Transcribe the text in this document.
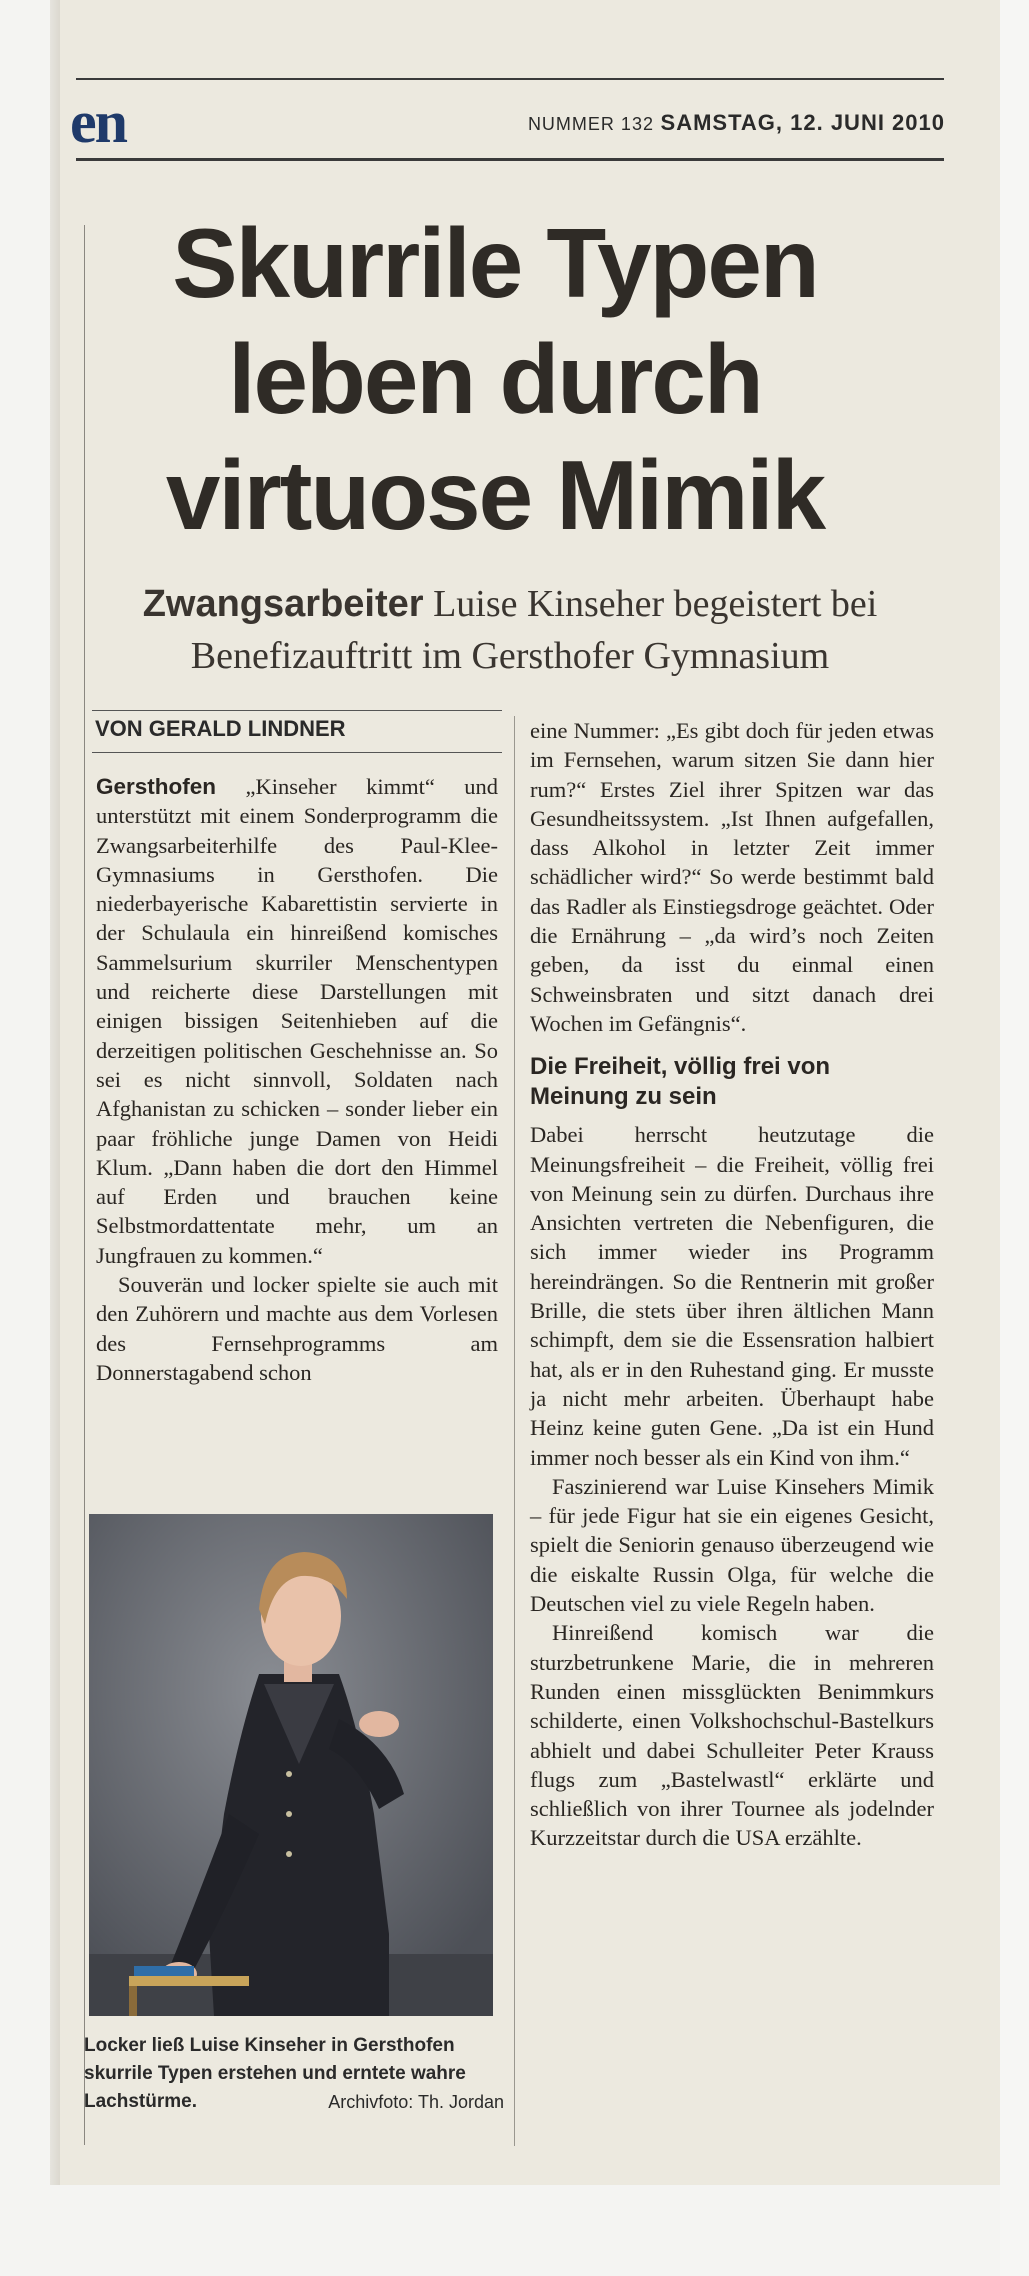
en	NUMMER 132 SAMSTAG, 12. JUNI 2010
Skurrile Typen
leben durch
virtuose Mimik
Zwangsarbeiter Luise Kinseher begeistert bei Benefizauftritt im Gersthofer Gymnasium
VON GERALD LINDNER

Gersthofen „Kinseher kimmt“ und unterstützt mit einem Sonderprogramm die Zwangsarbeiterhilfe des Paul-Klee-Gymnasiums in Gersthofen. Die niederbayerische Kabarettistin servierte in der Schulaula ein hinreißend komisches Sammelsurium skurriler Menschentypen und reicherte diese Darstellungen mit einigen bissigen Seitenhieben auf die derzeitigen politischen Geschehnisse an. So sei es nicht sinnvoll, Soldaten nach Afghanistan zu schicken – sonder lieber ein paar fröhliche junge Damen von Heidi Klum. „Dann haben die dort den Himmel auf Erden und brauchen keine Selbstmordattentate mehr, um an Jungfrauen zu kommen.“

Souverän und locker spielte sie auch mit den Zuhörern und machte aus dem Vorlesen des Fernsehprogramms am Donnerstagabend schon

eine Nummer: „Es gibt doch für jeden etwas im Fernsehen, warum sitzen Sie dann hier rum?“ Erstes Ziel ihrer Spitzen war das Gesundheitssystem. „Ist Ihnen aufgefallen, dass Alkohol in letzter Zeit immer schädlicher wird?“ So werde bestimmt bald das Radler als Einstiegsdroge geächtet. Oder die Ernährung – „da wird’s noch Zeiten geben, da isst du einmal einen Schweinsbraten und sitzt danach drei Wochen im Gefängnis“.

Die Freiheit, völlig frei von Meinung zu sein

Dabei herrscht heutzutage die Meinungsfreiheit – die Freiheit, völlig frei von Meinung sein zu dürfen. Durchaus ihre Ansichten vertreten die Nebenfiguren, die sich immer wieder ins Programm hereindrängen. So die Rentnerin mit großer Brille, die stets über ihren ältlichen Mann schimpft, dem sie die Essensration halbiert hat, als er in den Ruhestand ging. Er musste ja nicht mehr arbeiten. Überhaupt habe Heinz keine guten Gene. „Da ist ein Hund immer noch besser als ein Kind von ihm.“

Faszinierend war Luise Kinsehers Mimik – für jede Figur hat sie ein eigenes Gesicht, spielt die Seniorin genauso überzeugend wie die eiskalte Russin Olga, für welche die Deutschen viel zu viele Regeln haben.

Hinreißend komisch war die sturzbetrunkene Marie, die in mehreren Runden einen missglückten Benimmkurs schilderte, einen Volkshochschul-Bastelkurs abhielt und dabei Schulleiter Peter Krauss flugs zum „Bastelwastl“ erklärte und schließlich von ihrer Tournee als jodelnder Kurzzeitstar durch die USA erzählte.

Locker ließ Luise Kinseher in Gersthofen skurrile Typen erstehen und erntete wahre Lachstürme.	Archivfoto: Th. Jordan
